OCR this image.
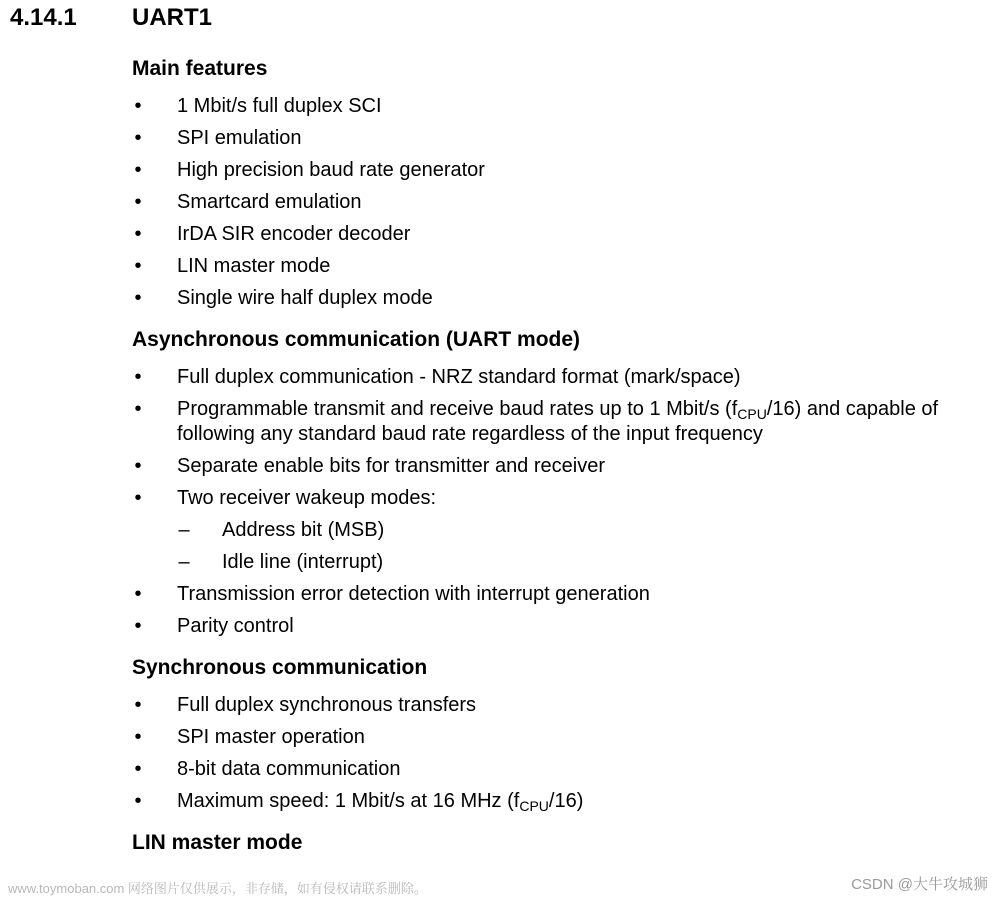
4.14.1 UART1
Main features
• 1 Mbit/s full duplex SCI
• SPI emulation
• High precision baud rate generator
• Smartcard emulation
• IrDA SIR encoder decoder
• LIN master mode
• Single wire half duplex mode
Asynchronous communication (UART mode)
• Full duplex communication - NRZ standard format (mark/space)
• Programmable transmit and receive baud rates up to 1 Mbit/s $(f_{CPU}/16)$ and capable of following any standard baud rate regardless of the input frequency
• Separate enable bits for transmitter and receiver
• Two receiver wakeup modes:
– Address bit (MSB)
– Idle line (interrupt)
• Transmission error detection with interrupt generation
• Parity control
Synchronous communication
• Full duplex synchronous transfers
• SPI master operation
• 8-bit data communication
• Maximum speed: 1 Mbit/s at 16 MHz $(f_{CPU}/16)$
LIN master mode
www.toymoban.com 网络图片仅供展示，非存储，如有侵权请联系删除。	CSDN @大牛攻城狮
